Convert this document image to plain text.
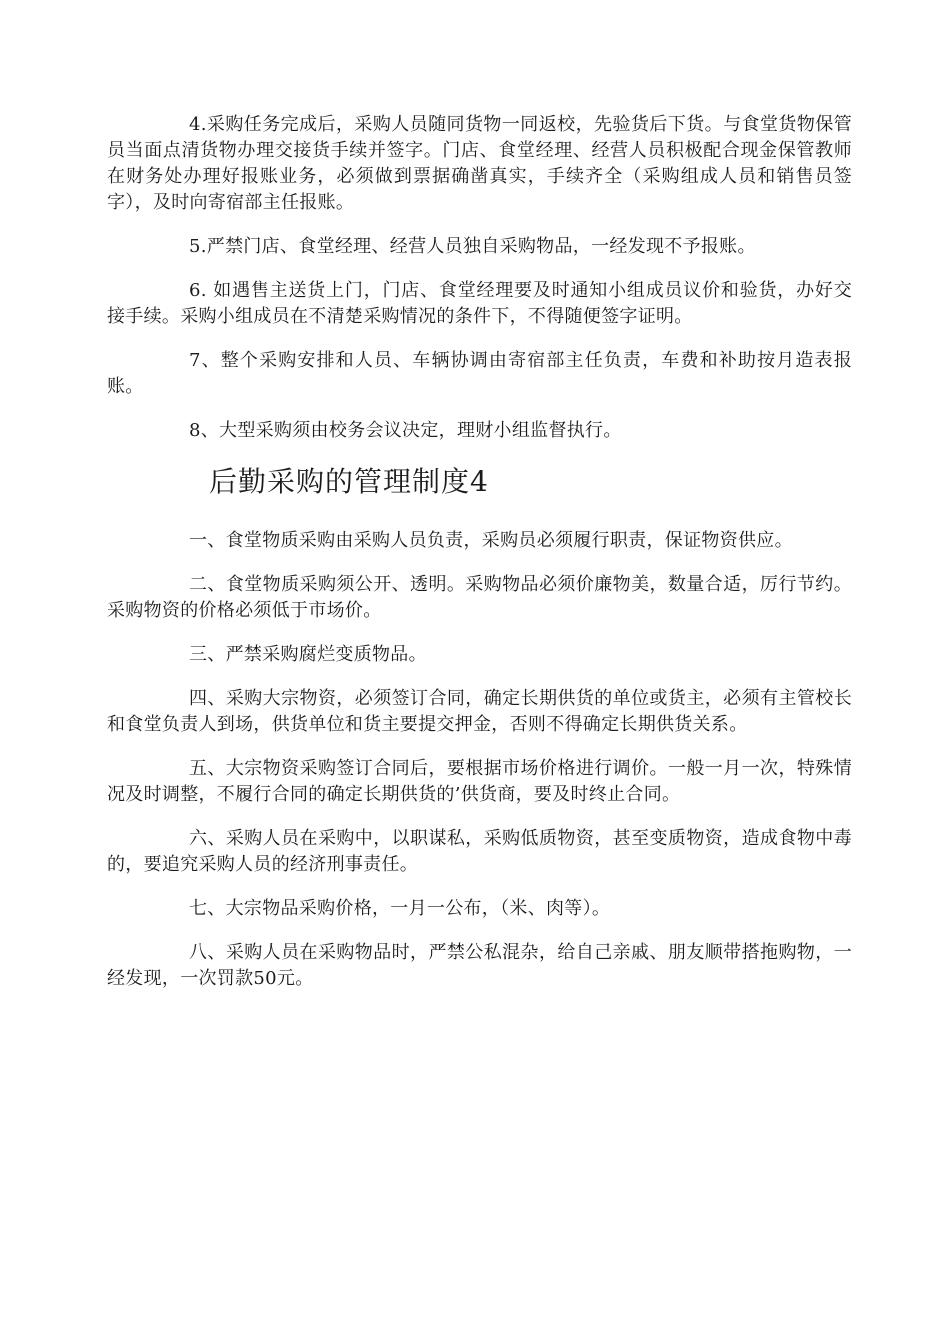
4.采购任务完成后，采购人员随同货物一同返校，先验货后下货。与食堂货物保管员当面点清货物办理交接货手续并签字。门店、食堂经理、经营人员积极配合现金保管教师在财务处办理好报账业务，必须做到票据确凿真实，手续齐全（采购组成人员和销售员签字），及时向寄宿部主任报账。

5.严禁门店、食堂经理、经营人员独自采购物品，一经发现不予报账。

6. 如遇售主送货上门，门店、食堂经理要及时通知小组成员议价和验货，办好交接手续。采购小组成员在不清楚采购情况的条件下，不得随便签字证明。

7、整个采购安排和人员、车辆协调由寄宿部主任负责，车费和补助按月造表报账。

8、大型采购须由校务会议决定，理财小组监督执行。

后勤采购的管理制度4

一、食堂物质采购由采购人员负责，采购员必须履行职责，保证物资供应。

二、食堂物质采购须公开、透明。采购物品必须价廉物美，数量合适，厉行节约。采购物资的价格必须低于市场价。

三、严禁采购腐烂变质物品。

四、采购大宗物资，必须签订合同，确定长期供货的单位或货主，必须有主管校长和食堂负责人到场，供货单位和货主要提交押金，否则不得确定长期供货关系。

五、大宗物资采购签订合同后，要根据市场价格进行调价。一般一月一次，特殊情况及时调整，不履行合同的确定长期供货的’供货商，要及时终止合同。

六、采购人员在采购中，以职谋私，采购低质物资，甚至变质物资，造成食物中毒的，要追究采购人员的经济刑事责任。

七、大宗物品采购价格，一月一公布，（米、肉等）。

八、采购人员在采购物品时，严禁公私混杂，给自己亲戚、朋友顺带搭拖购物，一经发现，一次罚款50元。
